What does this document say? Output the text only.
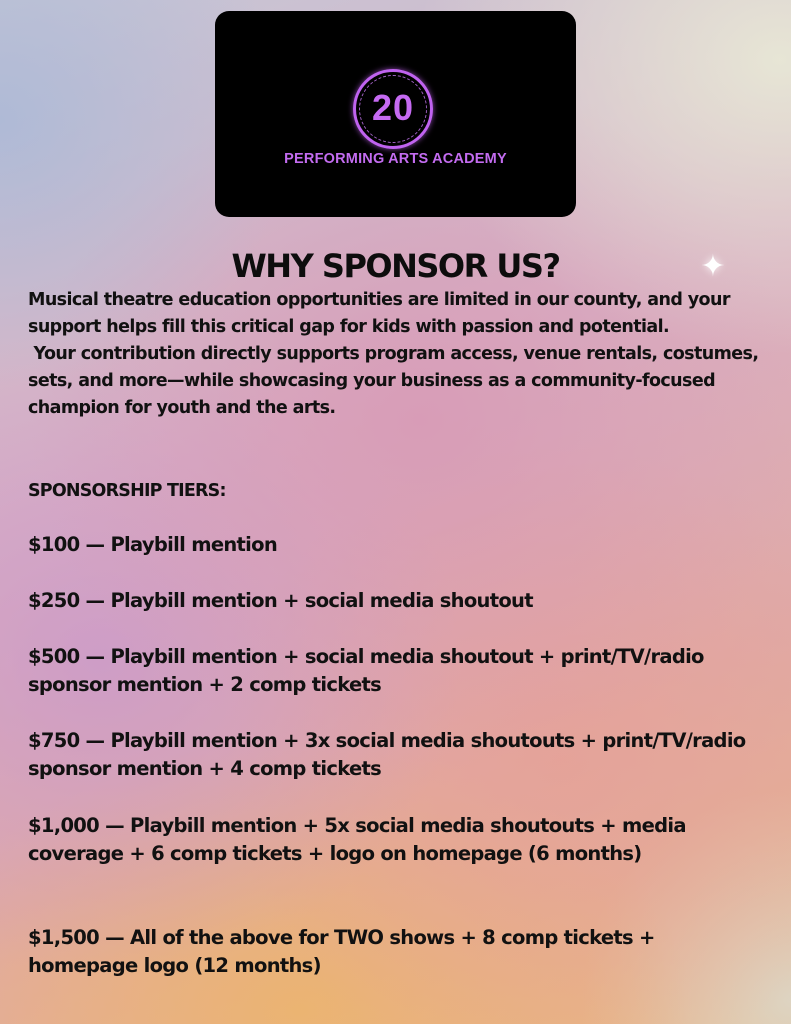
20
PERFORMING ARTS ACADEMY
✦
WHY SPONSOR US?

Musical theatre education opportunities are limited in our county, and your support helps fill this critical gap for kids with passion and potential.

Your contribution directly supports program access, venue rentals, costumes, sets, and more—while showcasing your business as a community-focused champion for youth and the arts.

SPONSORSHIP TIERS:
$100 — Playbill mention
$250 — Playbill mention + social media shoutout
$500 — Playbill mention + social media shoutout + print/TV/radio sponsor mention + 2 comp tickets
$750 — Playbill mention + 3x social media shoutouts + print/TV/radio sponsor mention + 4 comp tickets
$1,000 — Playbill mention + 5x social media shoutouts + media coverage + 6 comp tickets + logo on homepage (6 months)
$1,500 — All of the above for TWO shows + 8 comp tickets + homepage logo (12 months)
